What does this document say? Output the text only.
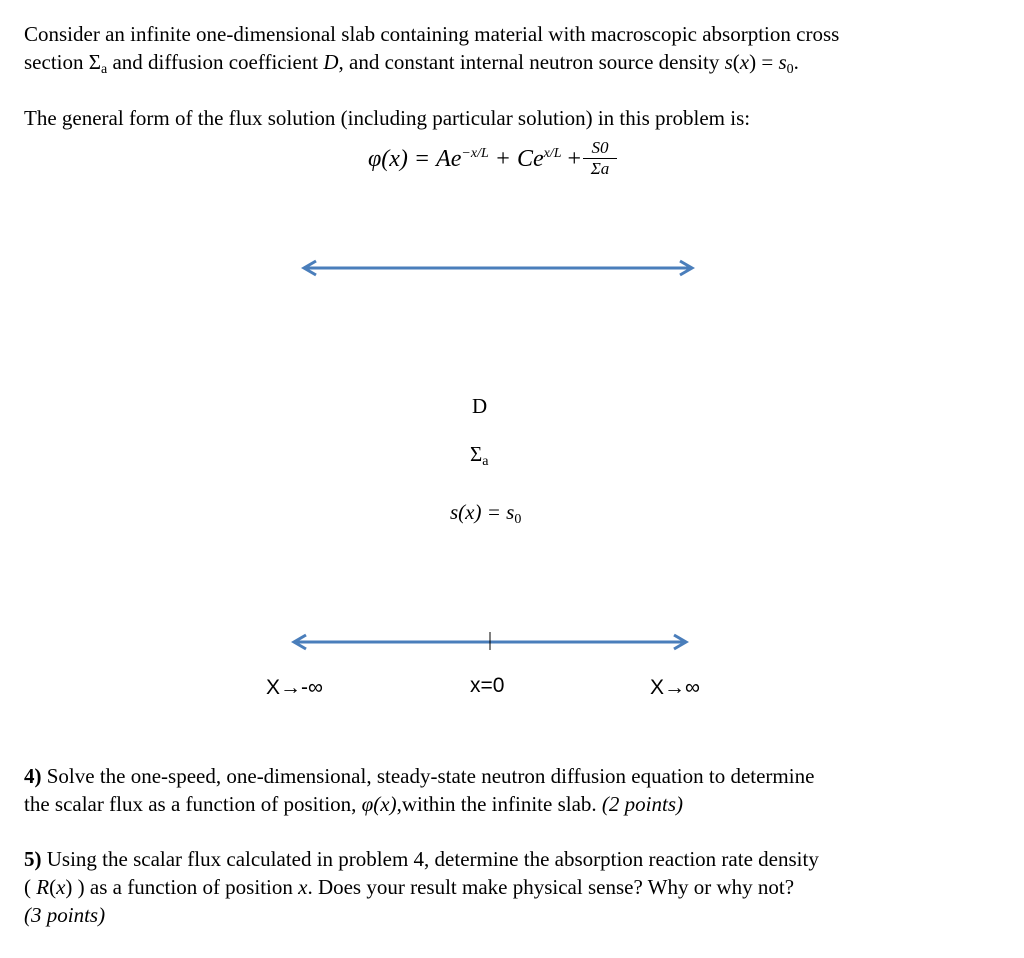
Consider an infinite one-dimensional slab containing material with macroscopic absorption cross
section $\Sigma_a$ and diffusion coefficient D, and constant internal neutron source density $s(x) = s_0$.

The general form of the flux solution (including particular solution) in this problem is:

$\varphi(x) = Ae^{-x/L} + Ce^{x/L} + \frac{S0}{\Sigma a}$
D
$\Sigma_a$
$s(x) = s_0$
X→-∞	x=0	X→∞

4) Solve the one-speed, one-dimensional, steady-state neutron diffusion equation to determine
the scalar flux as a function of position, φ(x),within the infinite slab. (2 points)

5) Using the scalar flux calculated in problem 4, determine the absorption reaction rate density
( R(x) ) as a function of position x. Does your result make physical sense? Why or why not?
(3 points)
